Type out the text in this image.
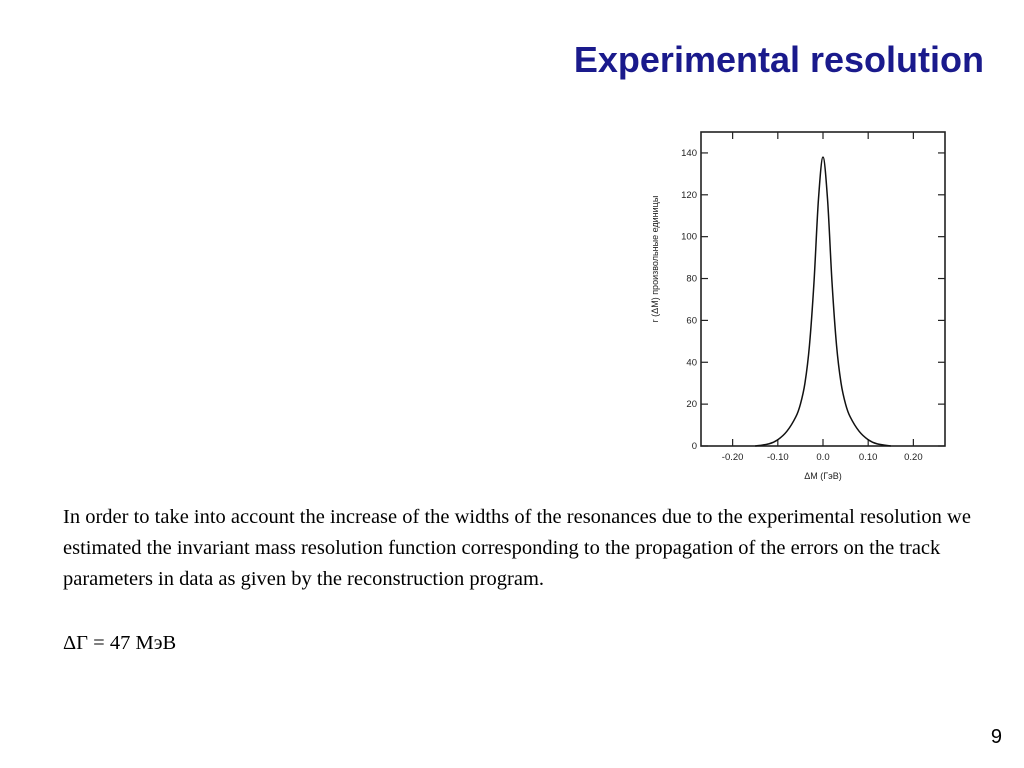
Experimental resolution
0
20
40
60
80
100
120
140
-0.20 -0.10	0.0	0.10	0.20
ΔM (ГэВ)
r (ΔM) произвольные единицы

In order to take into account the increase of the widths of the resonances due to the experimental resolution we estimated the invariant mass resolution function corresponding to the propagation of the errors on the track parameters in data as given by the reconstruction program.

ΔΓ = 47 МэВ

9
